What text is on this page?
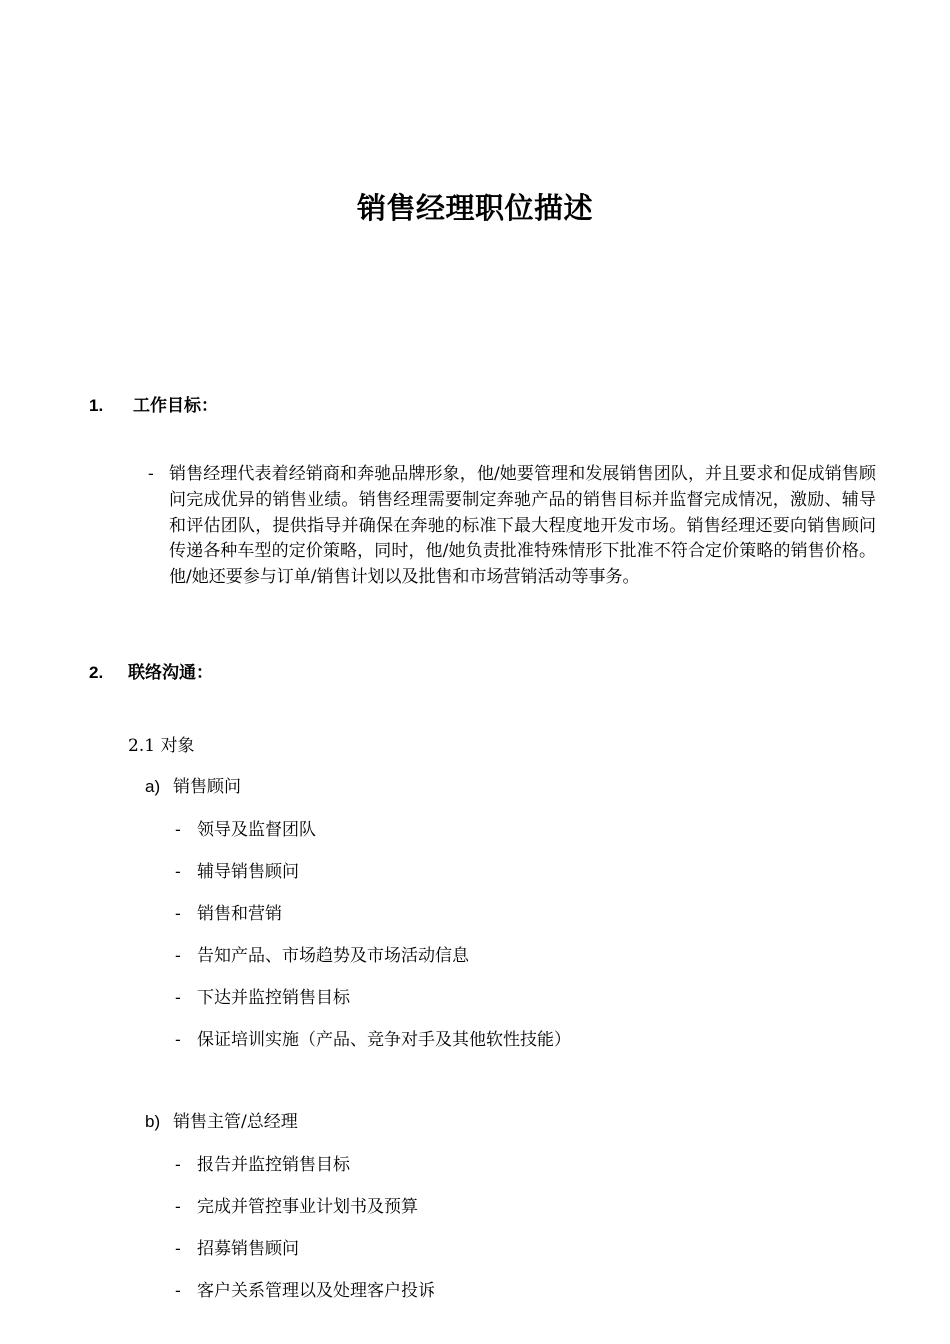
销售经理职位描述
1. 工作目标：
- 销售经理代表着经销商和奔驰品牌形象，他/她要管理和发展销售团队，并且要求和促成销售顾问完成优异的销售业绩。销售经理需要制定奔驰产品的销售目标并监督完成情况，激励、辅导和评估团队，提供指导并确保在奔驰的标准下最大程度地开发市场。销售经理还要向销售顾问传递各种车型的定价策略，同时，他/她负责批准特殊情形下批准不符合定价策略的销售价格。他/她还要参与订单/销售计划以及批售和市场营销活动等事务。
2. 联络沟通：
2.1 对象
a) 销售顾问
- 领导及监督团队
- 辅导销售顾问
- 销售和营销
- 告知产品、市场趋势及市场活动信息
- 下达并监控销售目标
- 保证培训实施（产品、竞争对手及其他软性技能）
b) 销售主管/总经理
- 报告并监控销售目标
- 完成并管控事业计划书及预算
- 招募销售顾问
- 客户关系管理以及处理客户投诉
